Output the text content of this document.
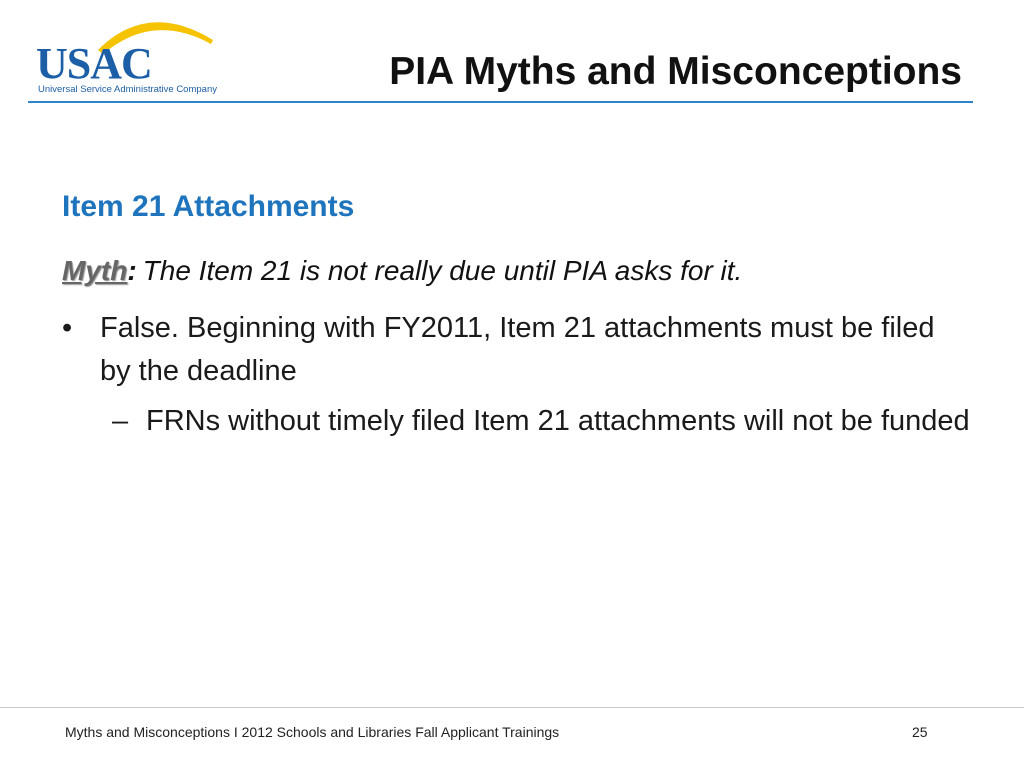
USAC
Universal Service Administrative Company	PIA Myths and Misconceptions
Item 21 Attachments
Myth: The Item 21 is not really due until PIA asks for it.
• False. Beginning with FY2011, Item 21 attachments must be filed by the deadline
– FRNs without timely filed Item 21 attachments will not be funded
Myths and Misconceptions I 2012 Schools and Libraries Fall Applicant Trainings	25
